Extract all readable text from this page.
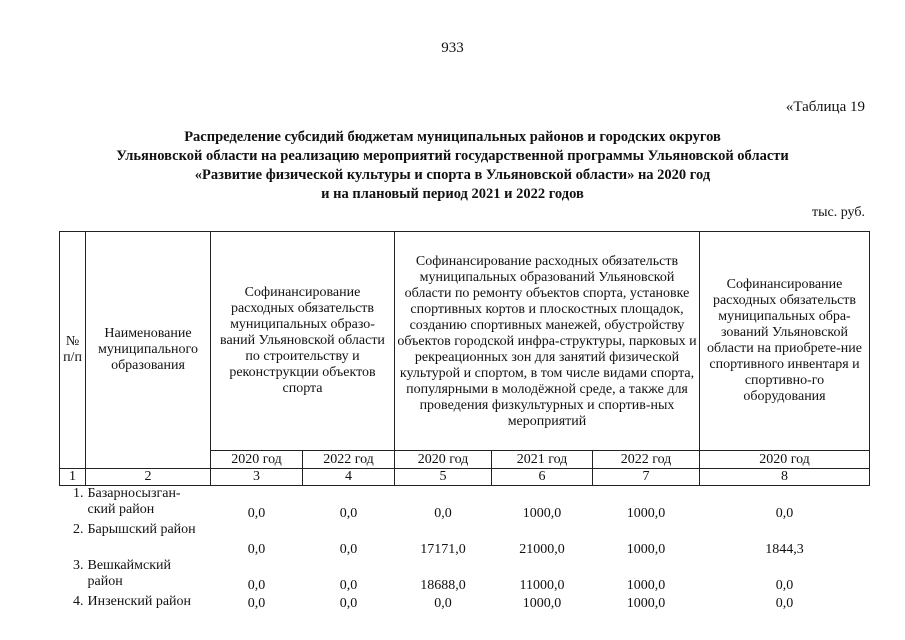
933
«Таблица 19
Распределение субсидий бюджетам муниципальных районов и городских округов
Ульяновской области на реализацию мероприятий государственной программы Ульяновской области
«Развитие физической культуры и спорта в Ульяновской области» на 2020 год
и на плановый период 2021 и 2022 годов
тыс. руб.
№ п/п	Наименование муниципального образования	Софинансирование расходных обязательств муниципальных образо-ваний Ульяновской области по строительству и реконструкции объектов спорта		Софинансирование расходных обязательств муниципальных образований Ульяновской области по ремонту объектов спорта, установке спортивных кортов и плоскостных площадок, созданию спортивных манежей, обустройству объектов городской инфра-структуры, парковых и рекреационных зон для занятий физической культурой и спортом, в том числе видами спорта, популярными в молодёжной среде, а также для проведения физкультурных и спортив-ных мероприятий			Софинансирование расходных обязательств муниципальных обра-зований Ульяновской области на приобрете-ние спортивного инвентаря и спортивно-го оборудования
		2020 год	2022 год	2020 год	2021 год	2022 год	2020 год
1	2	3	4	5	6	7	8
1.	Базарносызган-ский район	0,0	0,0	0,0	1000,0	1000,0	0,0
2.	Барышский район	0,0	0,0	17171,0	21000,0	1000,0	1844,3
3.	Вешкаймский район	0,0	0,0	18688,0	11000,0	1000,0	0,0
4.	Инзенский район	0,0	0,0	0,0	1000,0	1000,0	0,0
